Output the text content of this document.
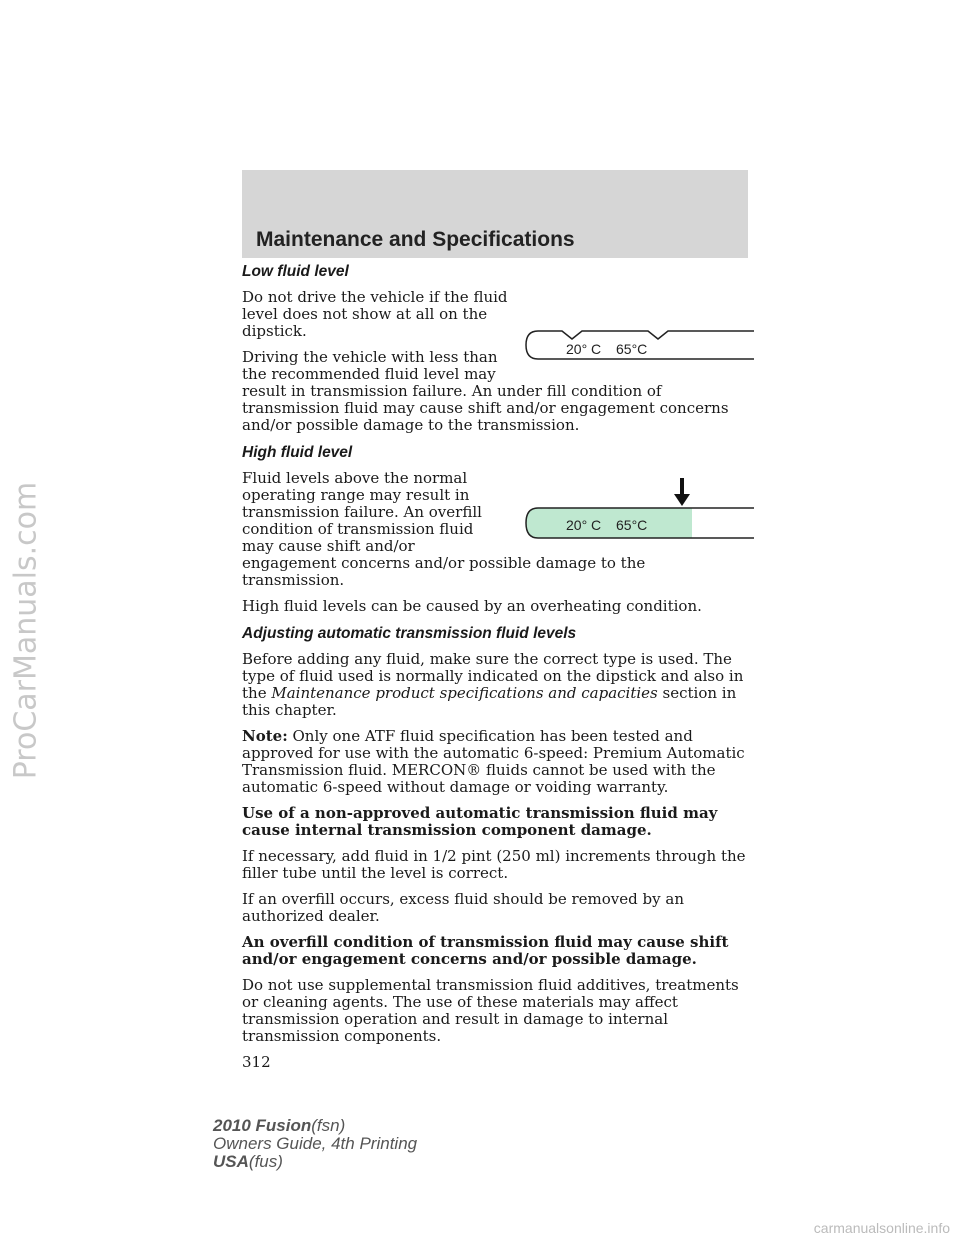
ProCarManuals.com
Maintenance and Specifications
Low fluid level
20° C 65°C

Do not drive the vehicle if the fluid level does not show at all on the dipstick.

Driving the vehicle with less than the recommended fluid level may result in transmission failure. An under fill condition of transmission fluid may cause shift and/or engagement concerns and/or possible damage to the transmission.

High fluid level
20° C 65°C

Fluid levels above the normal operating range may result in transmission failure. An overfill condition of transmission fluid may cause shift and/or engagement concerns and/or possible damage to the transmission.

High fluid levels can be caused by an overheating condition.

Adjusting automatic transmission fluid levels

Before adding any fluid, make sure the correct type is used. The type of fluid used is normally indicated on the dipstick and also in the Maintenance product specifications and capacities section in this chapter.

Note: Only one ATF fluid specification has been tested and approved for use with the automatic 6-speed: Premium Automatic Transmission fluid. MERCON® fluids cannot be used with the automatic 6-speed without damage or voiding warranty.

Use of a non-approved automatic transmission fluid may cause internal transmission component damage.

If necessary, add fluid in 1/2 pint (250 ml) increments through the filler tube until the level is correct.

If an overfill occurs, excess fluid should be removed by an authorized dealer.

An overfill condition of transmission fluid may cause shift and/or engagement concerns and/or possible damage.

Do not use supplemental transmission fluid additives, treatments or cleaning agents. The use of these materials may affect transmission operation and result in damage to internal transmission components.

312

2010 Fusion(fsn)
Owners Guide, 4th Printing
USA(fus)
carmanualsonline.info
